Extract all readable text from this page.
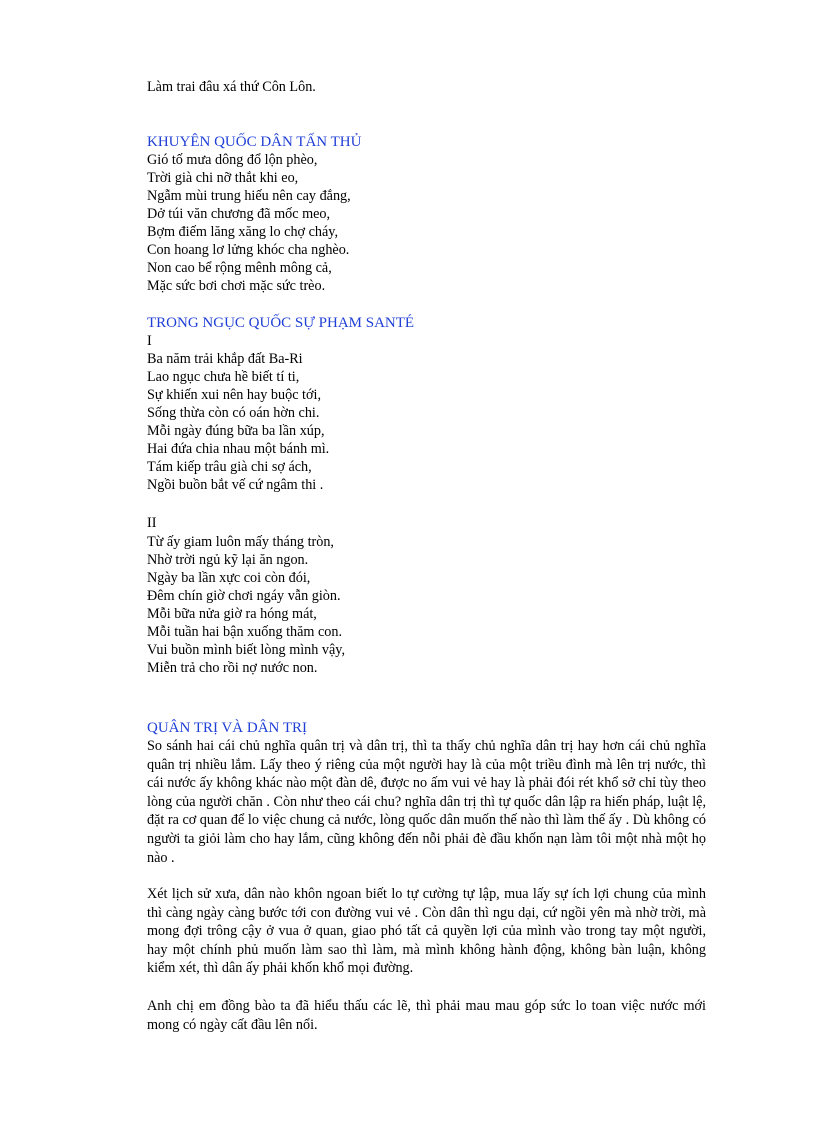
Làm trai đâu xá thứ Côn Lôn.
KHUYÊN QUỐC DÂN TẤN THỦ
Gió tố mưa dông đổ lộn phèo,
Trời già chi nỡ thắt khi eo,
Ngẫm mùi trung hiếu nên cay đắng,
Dở túi văn chương đã mốc meo,
Bợm điếm lăng xăng lo chợ cháy,
Con hoang lơ lửng khóc cha nghèo.
Non cao bể rộng mênh mông cả,
Mặc sức bơi chơi mặc sức trèo.
TRONG NGỤC QUỐC SỰ PHẠM SANTÉ
I
Ba năm trải khắp đất Ba-Ri
Lao ngục chưa hề biết tí ti,
Sự khiến xui nên hay buộc tới,
Sống thừa còn có oán hờn chi.
Mỗi ngày đúng bữa ba lần xúp,
Hai đứa chia nhau một bánh mì.
Tám kiếp trâu già chi sợ ách,
Ngồi buồn bắt vế cứ ngâm thi .
II
Từ ấy giam luôn mấy tháng tròn,
Nhờ trời ngủ kỹ lại ăn ngon.
Ngày ba lần xực coi còn đói,
Đêm chín giờ chơi ngáy vẫn giòn.
Mỗi bữa nửa giờ ra hóng mát,
Mỗi tuần hai bận xuống thăm con.
Vui buồn mình biết lòng mình vậy,
Miễn trả cho rồi nợ nước non.
QUÂN TRỊ VÀ DÂN TRỊ
So sánh hai cái chủ nghĩa quân trị và dân trị, thì ta thấy chủ nghĩa dân trị hay hơn cái chủ nghĩa quân trị nhiều lắm. Lấy theo ý riêng của một người hay là của một triều đình mà lên trị nước, thì cái nước ấy không khác nào một đàn dê, được no ấm vui vẻ hay là phải đói rét khổ sở chỉ tùy theo lòng của người chăn . Còn như theo cái chu? nghĩa dân trị thì tự quốc dân lập ra hiến pháp, luật lệ, đặt ra cơ quan để lo việc chung cả nước, lòng quốc dân muốn thế nào thì làm thế ấy . Dù không có người ta giỏi làm cho hay lắm, cũng không đến nỗi phải đè đầu khốn nạn làm tôi một nhà một họ nào .
Xét lịch sử xưa, dân nào khôn ngoan biết lo tự cường tự lập, mua lấy sự ích lợi chung của mình thì càng ngày càng bước tới con đường vui vẻ . Còn dân thì ngu dại, cứ ngồi yên mà nhờ trời, mà mong đợi trông cậy ở vua ở quan, giao phó tất cả quyền lợi của mình vào trong tay một người, hay một chính phủ muốn làm sao thì làm, mà mình không hành động, không bàn luận, không kiểm xét, thì dân ấy phải khốn khổ mọi đường.
Anh chị em đồng bào ta đã hiểu thấu các lẽ, thì phải mau mau góp sức lo toan việc nước mới mong có ngày cất đầu lên nổi.
